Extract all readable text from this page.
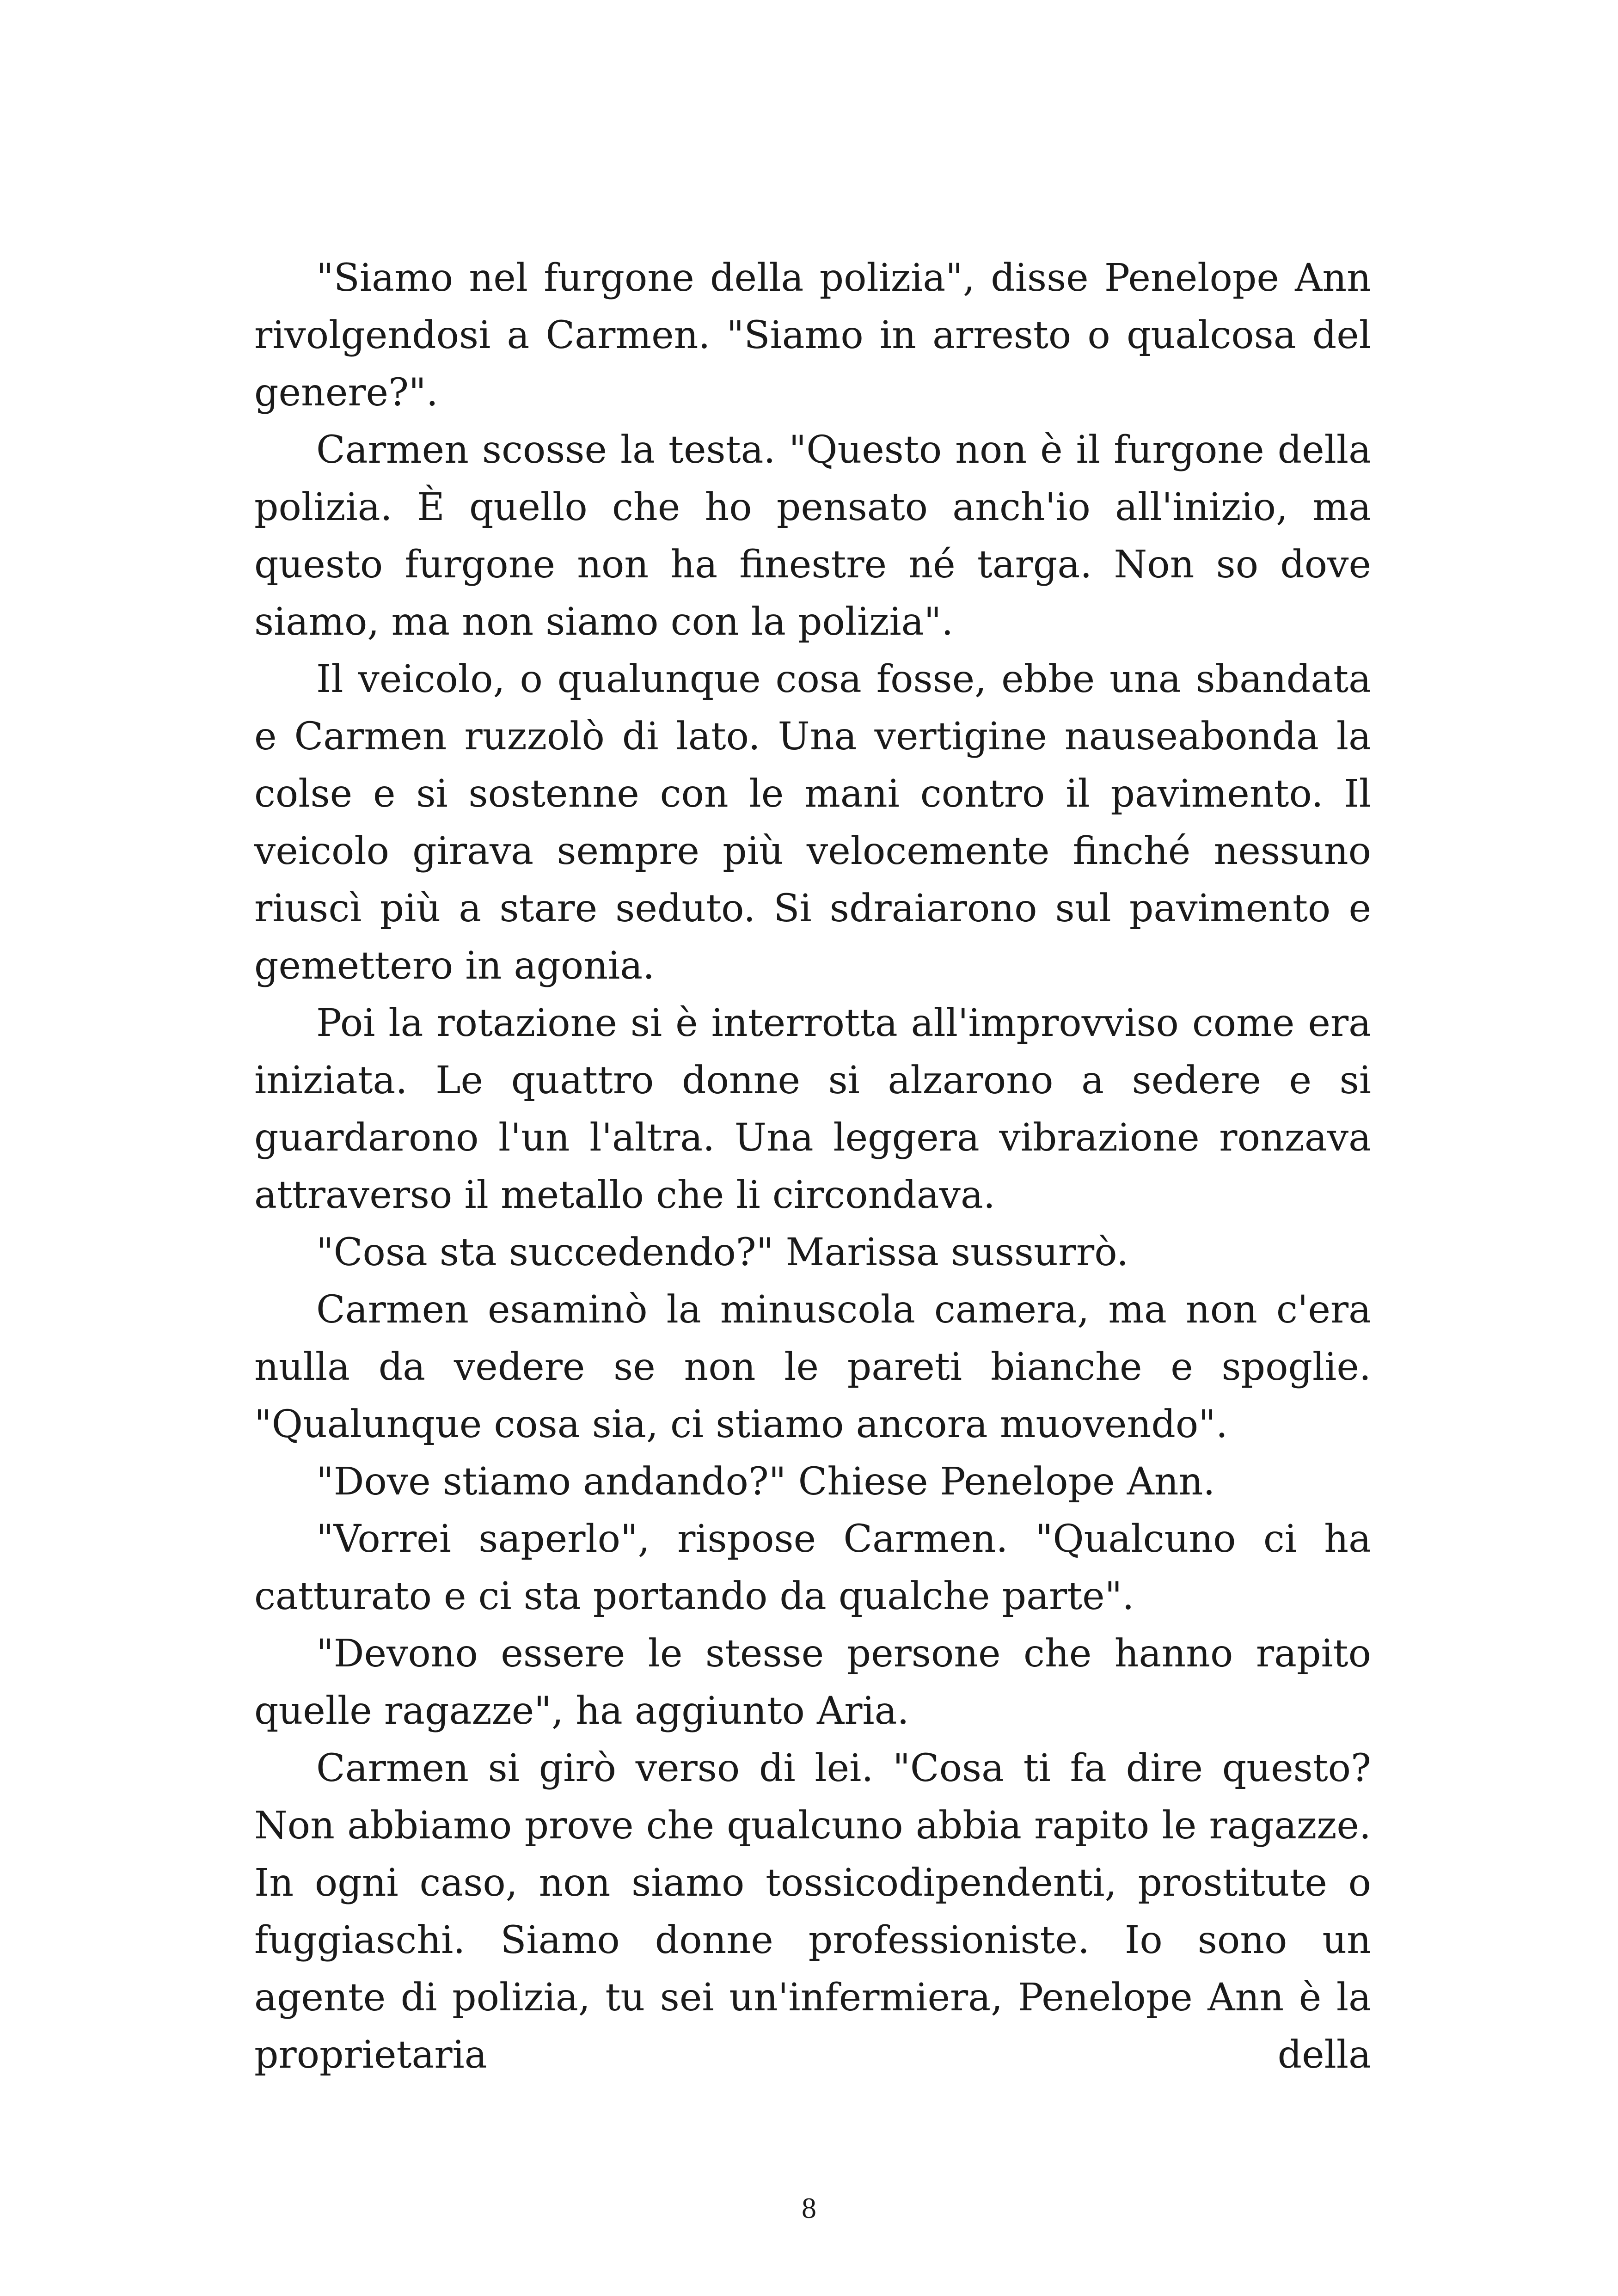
"Siamo nel furgone della polizia", disse Penelope Ann rivolgendosi a Carmen. "Siamo in arresto o qualcosa del genere?".

Carmen scosse la testa. "Questo non è il furgone della polizia. È quello che ho pensato anch'io all'inizio, ma questo furgone non ha finestre né targa. Non so dove siamo, ma non siamo con la polizia".

Il veicolo, o qualunque cosa fosse, ebbe una sbandata e Carmen ruzzolò di lato. Una vertigine nauseabonda la colse e si sostenne con le mani contro il pavimento. Il veicolo girava sempre più velocemente finché nessuno riuscì più a stare seduto. Si sdraiarono sul pavimento e gemettero in agonia.

Poi la rotazione si è interrotta all'improvviso come era iniziata. Le quattro donne si alzarono a sedere e si guardarono l'un l'altra. Una leggera vibrazione ronzava attraverso il metallo che li circondava.

"Cosa sta succedendo?" Marissa sussurrò.

Carmen esaminò la minuscola camera, ma non c'era nulla da vedere se non le pareti bianche e spoglie. "Qualunque cosa sia, ci stiamo ancora muovendo".

"Dove stiamo andando?" Chiese Penelope Ann.

"Vorrei saperlo", rispose Carmen. "Qualcuno ci ha catturato e ci sta portando da qualche parte".

"Devono essere le stesse persone che hanno rapito quelle ragazze", ha aggiunto Aria.

Carmen si girò verso di lei. "Cosa ti fa dire questo? Non abbiamo prove che qualcuno abbia rapito le ragazze. In ogni caso, non siamo tossicodipendenti, prostitute o fuggiaschi. Siamo donne professioniste. Io sono un agente di polizia, tu sei un'infermiera, Penelope Ann è la proprietaria della

8
